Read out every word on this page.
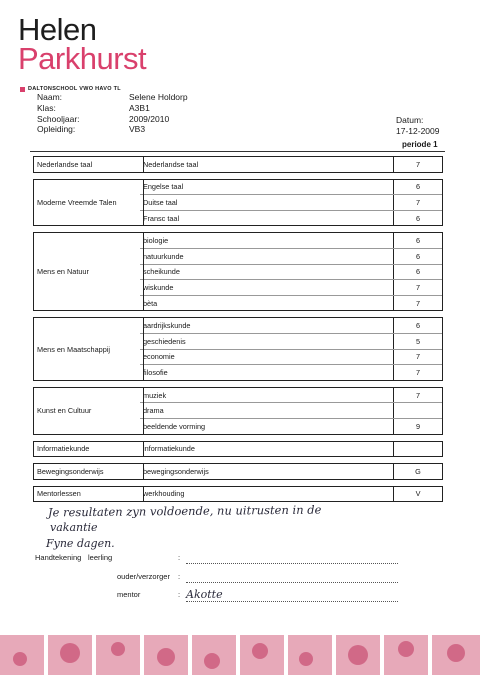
Helen
Parkhurst
DALTONSCHOOL VWO HAVO TL
Naam:	Selene Holdorp
Klas:	A3B1
Schooljaar:	2009/2010
Opleiding:	VB3
Datum:
17-12-2009
periode 1
Nederlandse taal	Nederlandse taal	7
Moderne Vreemde Talen
Engelse taal	6
Duitse taal	7
Fransc taal	6
Mens en Natuur
biologie	6
natuurkunde	6
scheikunde	6
wiskunde	7
bèta	7
Mens en Maatschappij
aardrijkskunde	6
geschiedenis	5
economie	7
filosofie	7
Kunst en Cultuur
muziek	7
drama
beeldende vorming	9
Informatiekunde	informatiekunde
Bewegingsonderwijs	bewegingsonderwijs	G
Mentorlessen	werkhouding	V
Je resultaten zyn voldoende, nu uitrusten in de
vakantie
Fyne dagen.
Handtekening leerling	:
ouder/verzorger :
mentor	: Akotte
